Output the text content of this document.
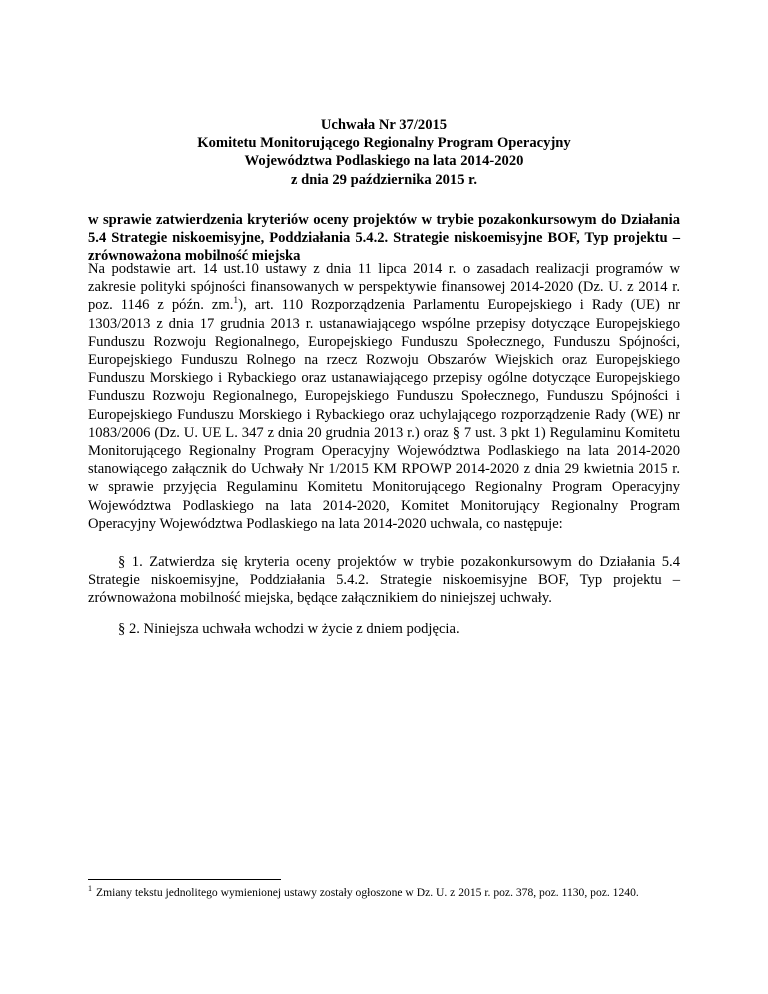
Uchwała Nr 37/2015
Komitetu Monitorującego Regionalny Program Operacyjny
Województwa Podlaskiego na lata 2014-2020
z dnia 29 października 2015 r.
w sprawie zatwierdzenia kryteriów oceny projektów w trybie pozakonkursowym do Działania 5.4 Strategie niskoemisyjne, Poddziałania 5.4.2. Strategie niskoemisyjne BOF, Typ projektu – zrównoważona mobilność miejska
Na podstawie art. 14 ust.10 ustawy z dnia 11 lipca 2014 r. o zasadach realizacji programów w zakresie polityki spójności finansowanych w perspektywie finansowej 2014-2020 (Dz. U. z 2014 r. poz. 1146 z późn. zm.$^1$), art. 110 Rozporządzenia Parlamentu Europejskiego i Rady (UE) nr 1303/2013 z dnia 17 grudnia 2013 r. ustanawiającego wspólne przepisy dotyczące Europejskiego Funduszu Rozwoju Regionalnego, Europejskiego Funduszu Społecznego, Funduszu Spójności, Europejskiego Funduszu Rolnego na rzecz Rozwoju Obszarów Wiejskich oraz Europejskiego Funduszu Morskiego i Rybackiego oraz ustanawiającego przepisy ogólne dotyczące Europejskiego Funduszu Rozwoju Regionalnego, Europejskiego Funduszu Społecznego, Funduszu Spójności i Europejskiego Funduszu Morskiego i Rybackiego oraz uchylającego rozporządzenie Rady (WE) nr 1083/2006 (Dz. U. UE L. 347 z dnia 20 grudnia 2013 r.) oraz § 7 ust. 3 pkt 1) Regulaminu Komitetu Monitorującego Regionalny Program Operacyjny Województwa Podlaskiego na lata 2014-2020 stanowiącego załącznik do Uchwały Nr 1/2015 KM RPOWP 2014-2020 z dnia 29 kwietnia 2015 r. w sprawie przyjęcia Regulaminu Komitetu Monitorującego Regionalny Program Operacyjny Województwa Podlaskiego na lata 2014-2020, Komitet Monitorujący Regionalny Program Operacyjny Województwa Podlaskiego na lata 2014-2020 uchwala, co następuje:
§ 1. Zatwierdza się kryteria oceny projektów w trybie pozakonkursowym do Działania 5.4 Strategie niskoemisyjne, Poddziałania 5.4.2. Strategie niskoemisyjne BOF, Typ projektu – zrównoważona mobilność miejska, będące załącznikiem do niniejszej uchwały.
§ 2. Niniejsza uchwała wchodzi w życie z dniem podjęcia.
$^1$ Zmiany tekstu jednolitego wymienionej ustawy zostały ogłoszone w Dz. U. z 2015 r. poz. 378, poz. 1130, poz. 1240.
